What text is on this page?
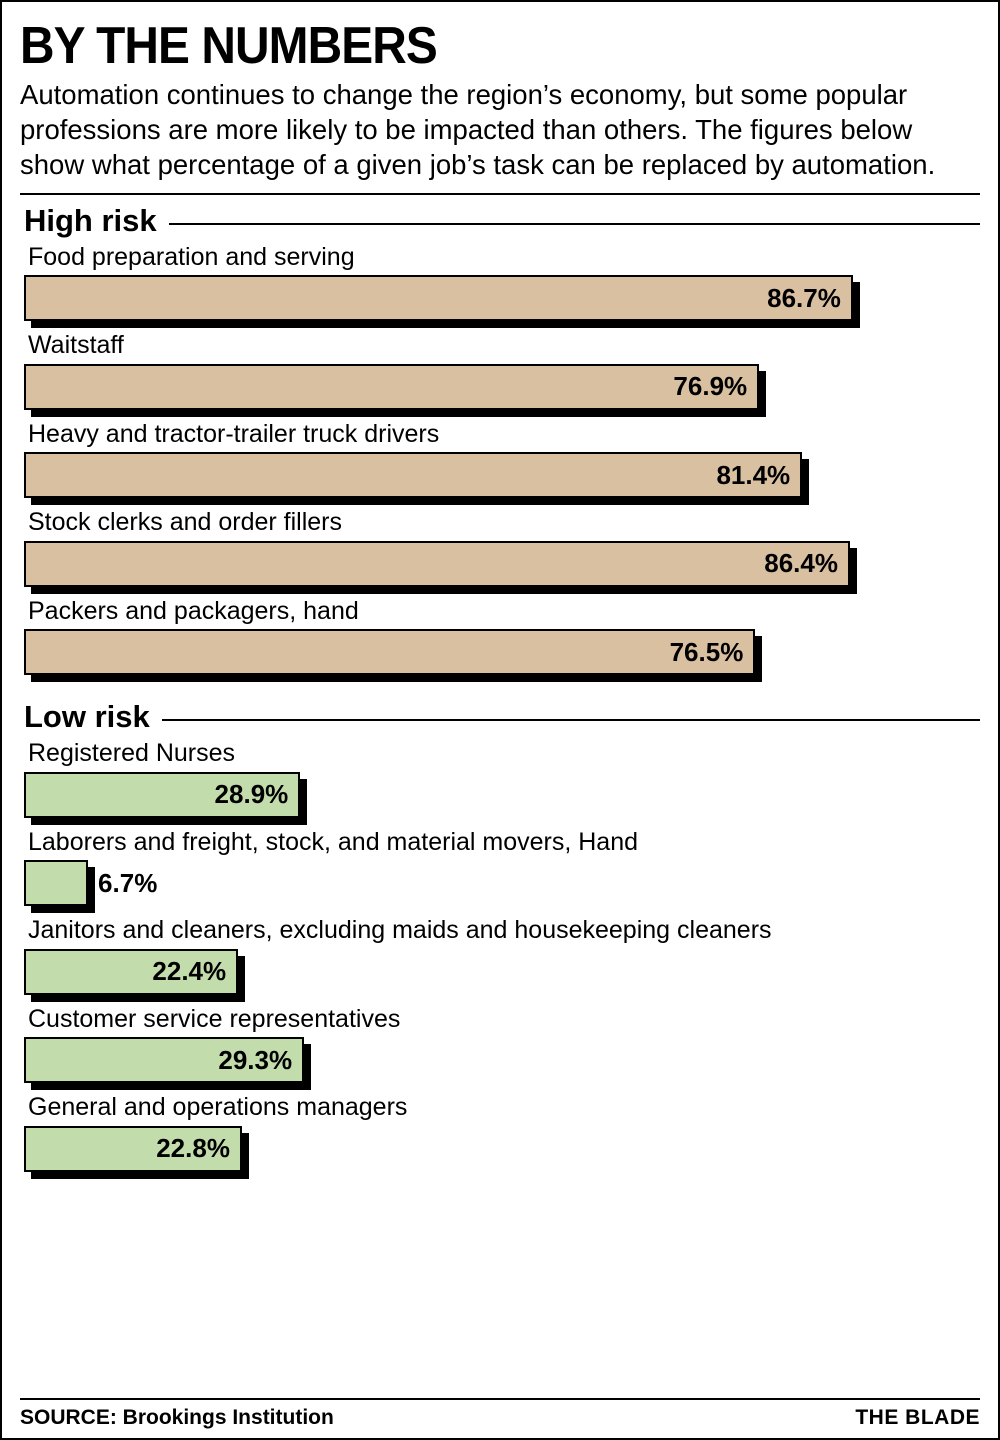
BY THE NUMBERS

Automation continues to change the region’s economy, but some popular professions are more likely to be impacted than others. The figures below show what percentage of a given job’s task can be replaced by automation.

High risk
Food preparation and serving
86.7%
Waitstaff
76.9%
Heavy and tractor-trailer truck drivers
81.4%
Stock clerks and order fillers
86.4%
Packers and packagers, hand
76.5%
Low risk
Registered Nurses
28.9%
Laborers and freight, stock, and material movers, Hand
6.7%
Janitors and cleaners, excluding maids and housekeeping cleaners
22.4%
Customer service representatives
29.3%
General and operations managers
22.8%
SOURCE: Brookings Institution	THE BLADE
